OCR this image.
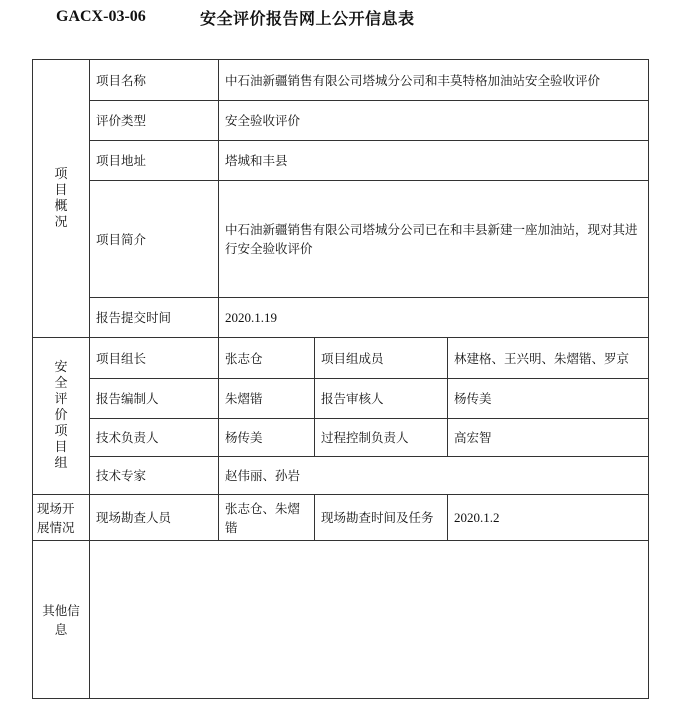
GACX-03-06	安全评价报告网上公开信息表
项目概况	项目名称	中石油新疆销售有限公司塔城分公司和丰莫特格加油站安全验收评价		
	评价类型	安全验收评价		
	项目地址	塔城和丰县		
	项目简介	中石油新疆销售有限公司塔城分公司已在和丰县新建一座加油站，现对其进行安全验收评价		
	报告提交时间	2020.1.19		
安全评价项目组	项目组长	张志仓	项目组成员	林建格、王兴明、朱熠锴、罗京
	报告编制人	朱熠锴	报告审核人	杨传美
	技术负责人	杨传美	过程控制负责人	高宏智
	技术专家	赵伟丽、孙岩		
现场开展情况	现场勘查人员	张志仓、朱熠锴	现场勘查时间及任务	2020.1.2
其他信息				
